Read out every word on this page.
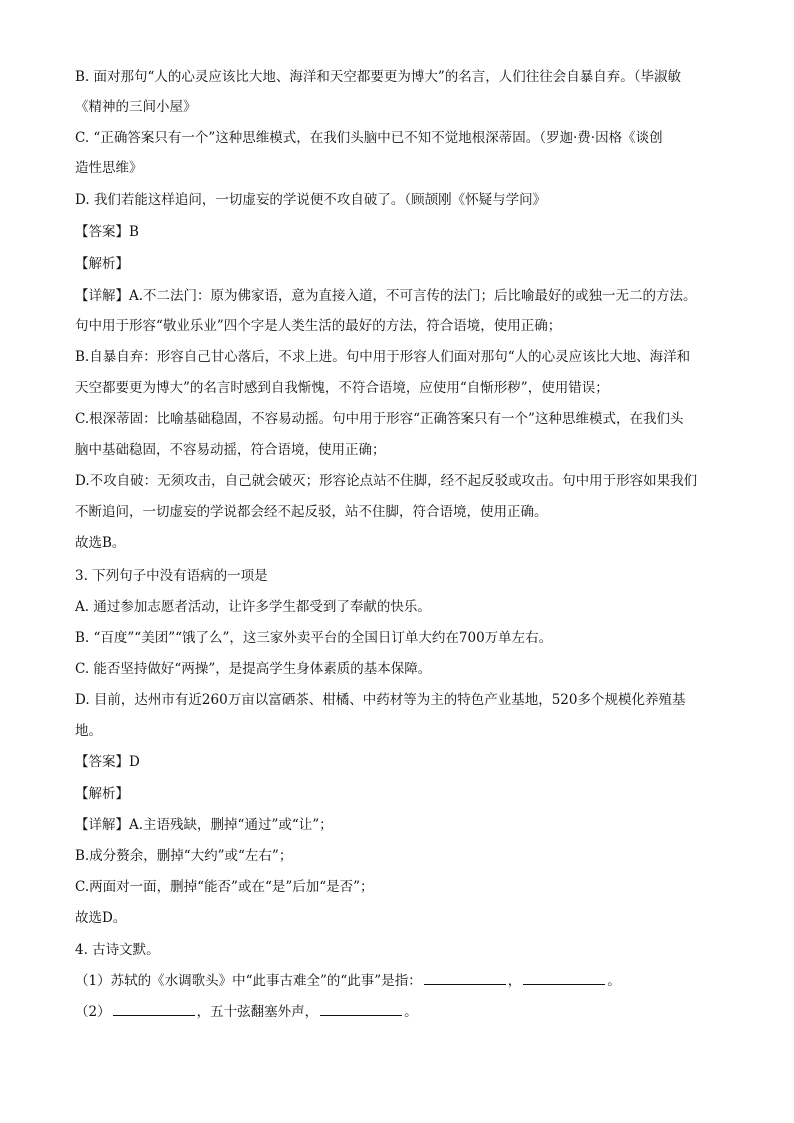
B. 面对那句“人的心灵应该比大地、海洋和天空都要更为博大”的名言，人们往往会自暴自弃。（毕淑敏
《精神的三间小屋》
C. “正确答案只有一个”这种思维模式，在我们头脑中已不知不觉地根深蒂固。（罗迦·费·因格《谈创
造性思维》
D. 我们若能这样追问，一切虚妄的学说便不攻自破了。（顾颉刚《怀疑与学问》
【答案】B
【解析】
【详解】A.不二法门：原为佛家语，意为直接入道，不可言传的法门；后比喻最好的或独一无二的方法。
句中用于形容“敬业乐业”四个字是人类生活的最好的方法，符合语境，使用正确；
B.自暴自弃：形容自己甘心落后，不求上进。句中用于形容人们面对那句“人的心灵应该比大地、海洋和
天空都要更为博大”的名言时感到自我惭愧，不符合语境，应使用“自惭形秽”，使用错误；
C.根深蒂固：比喻基础稳固，不容易动摇。句中用于形容“正确答案只有一个”这种思维模式，在我们头
脑中基础稳固，不容易动摇，符合语境，使用正确；
D.不攻自破：无须攻击，自己就会破灭；形容论点站不住脚，经不起反驳或攻击。句中用于形容如果我们
不断追问，一切虚妄的学说都会经不起反驳，站不住脚，符合语境，使用正确。
故选B。
3. 下列句子中没有语病的一项是
A. 通过参加志愿者活动，让许多学生都受到了奉献的快乐。
B. “百度”“美团”“饿了么”，这三家外卖平台的全国日订单大约在700万单左右。
C. 能否坚持做好“两操”，是提高学生身体素质的基本保障。
D. 目前，达州市有近260万亩以富硒茶、柑橘、中药材等为主的特色产业基地，520多个规模化养殖基
地。
【答案】D
【解析】
【详解】A.主语残缺，删掉“通过”或“让”；
B.成分赘余，删掉“大约”或“左右”；
C.两面对一面，删掉“能否”或在“是”后加“是否”；
故选D。
4. 古诗文默。
（1）苏轼的《水调歌头》中“此事古难全”的“此事”是指：	，	。
（2）	，五十弦翻塞外声，	。
